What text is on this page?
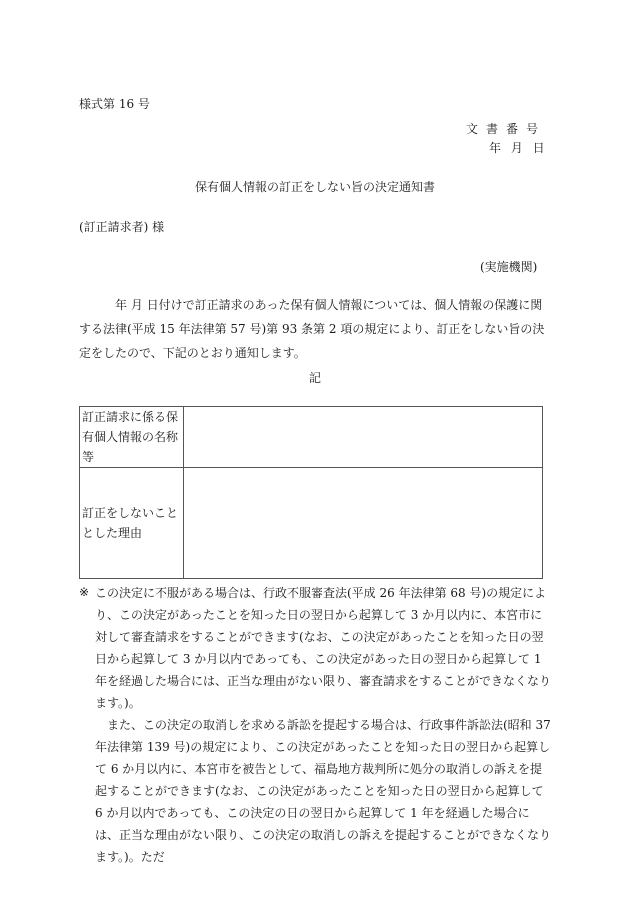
様式第 16 号

文書番号

年 月 日

保有個人情報の訂正をしない旨の決定通知書

(訂正請求者) 様

(実施機関)

年 月 日付けで訂正請求のあった保有個人情報については、個人情報の保護に関する法律(平成 15 年法律第 57 号)第 93 条第 2 項の規定により、訂正をしない旨の決定をしたので、下記のとおり通知します。

記

訂正請求に係る保有個人情報の名称等	

訂正をしないこととした理由	

※ この決定に不服がある場合は、行政不服審査法(平成 26 年法律第 68 号)の規定により、この決定があったことを知った日の翌日から起算して 3 か月以内に、本宮市に対して審査請求をすることができます(なお、この決定があったことを知った日の翌日から起算して 3 か月以内であっても、この決定があった日の翌日から起算して 1 年を経過した場合には、正当な理由がない限り、審査請求をすることができなくなります。)。

また、この決定の取消しを求める訴訟を提起する場合は、行政事件訴訟法(昭和 37 年法律第 139 号)の規定により、この決定があったことを知った日の翌日から起算して 6 か月以内に、本宮市を被告として、福島地方裁判所に処分の取消しの訴えを提起することができます(なお、この決定があったことを知った日の翌日から起算して 6 か月以内であっても、この決定の日の翌日から起算して 1 年を経過した場合には、正当な理由がない限り、この決定の取消しの訴えを提起することができなくなります。)。ただ
